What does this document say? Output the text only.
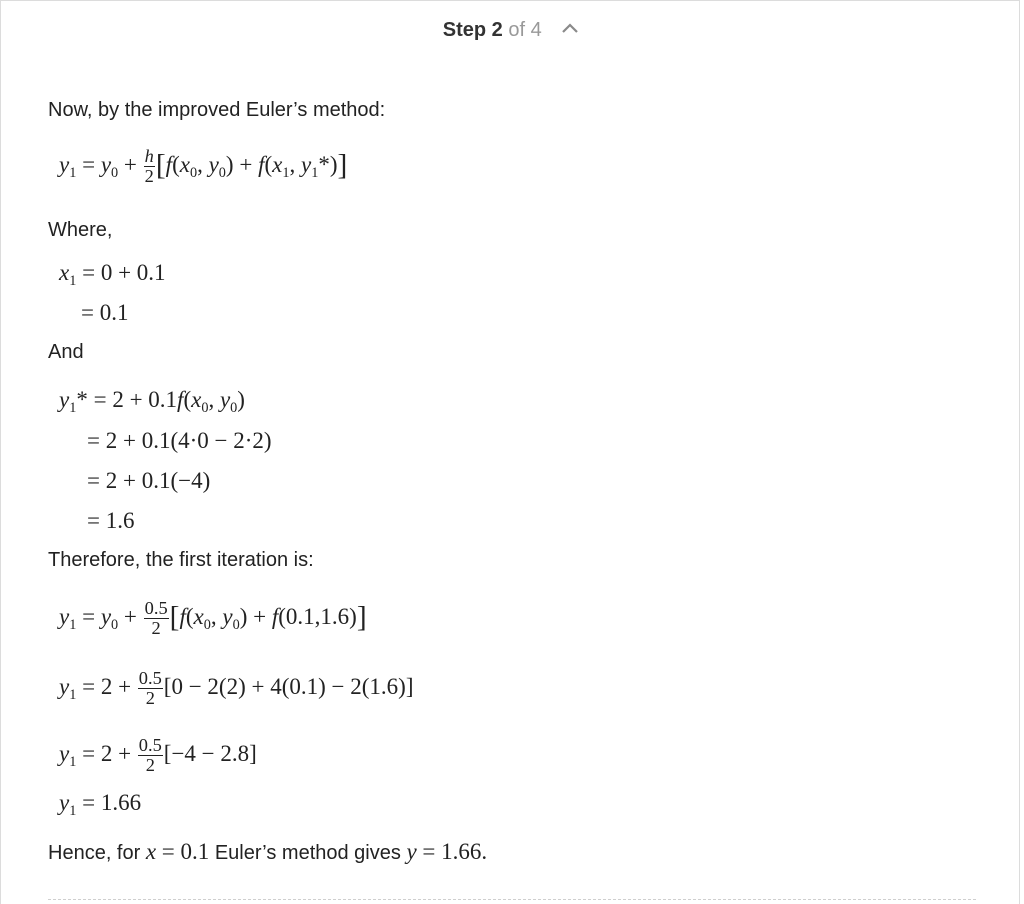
Step 2 of 4
Now, by the improved Euler’s method:
$y_1 = y_0 + \frac{h}{2} [f(x_0$, $y_0) + f(x_1$, $y_1*$)]
Where,
$x_1 = 0 + 0.1$
= 0.1
And
$y_1* = 2 + 0.1f(x_0$, $y_0$)
= 2 + 0.1(4·0 − 2·2)
= 2 + 0.1(−4)
= 1.6
Therefore, the first iteration is:
$y_1 = y_0 + \frac{0.5}{2} [f(x_0$, $y_0) + f(0.1,1.6)$]
$y_1 = 2 + \frac{0.5}{2} [0 - 2(2) + 4(0.1) - 2(1.6)]$
$y_1 = 2 + \frac{0.5}{2} [-4 - 2.8]$
$y_1 = 1.66$
Hence, for x = 0.1 Euler’s method gives y = 1.66.
